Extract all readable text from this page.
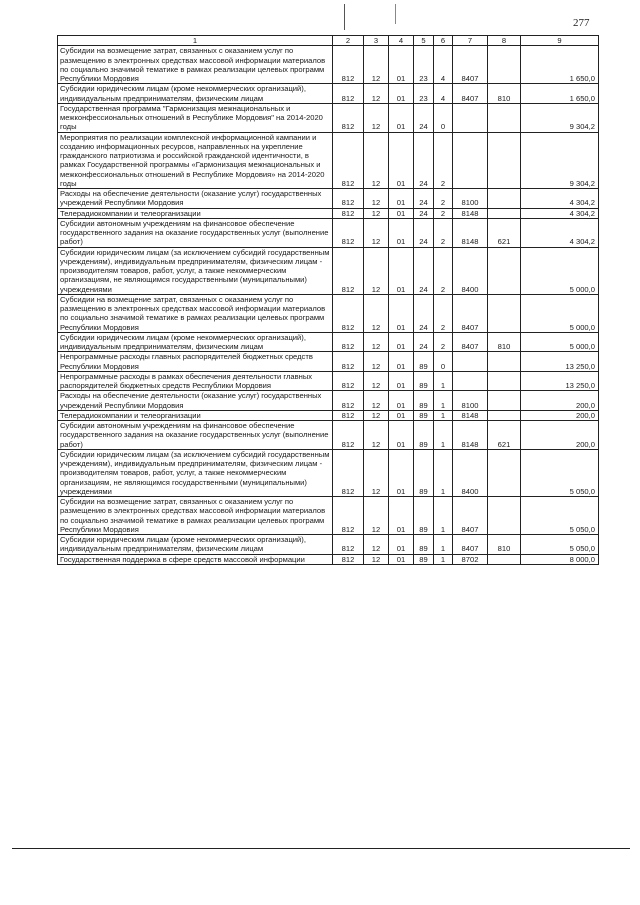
277
1	2	3	4	5	6	7	8	9
Субсидии на возмещение затрат, связанных с оказанием услуг по размещению в электронных средствах массовой информации материалов по социально значимой тематике в рамках реализации целевых программ Республики Мордовия	812	12	01	23	4	8407		1 650,0
Субсидии юридическим лицам (кроме некоммерческих организаций), индивидуальным предпринимателям, физическим лицам	812	12	01	23	4	8407	810	1 650,0
Государственная программа "Гармонизация межнациональных и межконфессиональных отношений в Республике Мордовия" на 2014-2020 годы	812	12	01	24	0			9 304,2
Мероприятия по реализации комплексной информационной кампании и созданию информационных ресурсов, направленных на укрепление гражданского патриотизма и российской гражданской идентичности, в рамках Государственной программы «Гармонизация межнациональных и межконфессиональных отношений в Республике Мордовия» на 2014-2020 годы	812	12	01	24	2			9 304,2
Расходы на обеспечение деятельности (оказание услуг) государственных учреждений Республики Мордовия	812	12	01	24	2	8100		4 304,2
Телерадиокомпании и телеорганизации	812	12	01	24	2	8148		4 304,2
Субсидии автономным учреждениям на финансовое обеспечение государственного задания на оказание государственных услуг (выполнение работ)	812	12	01	24	2	8148	621	4 304,2
Субсидии юридическим лицам (за исключением субсидий государственным учреждениям), индивидуальным предпринимателям, физическим лицам - производителям товаров, работ, услуг, а также некоммерческим организациям, не являющимся государственными (муниципальными) учреждениями	812	12	01	24	2	8400		5 000,0
Субсидии на возмещение затрат, связанных с оказанием услуг по размещению в электронных средствах массовой информации материалов по социально значимой тематике в рамках реализации целевых программ Республики Мордовия	812	12	01	24	2	8407		5 000,0
Субсидии юридическим лицам (кроме некоммерческих организаций), индивидуальным предпринимателям, физическим лицам	812	12	01	24	2	8407	810	5 000,0
Непрограммные расходы главных распорядителей бюджетных средств Республики Мордовия	812	12	01	89	0			13 250,0
Непрограммные расходы в рамках обеспечения деятельности главных распорядителей бюджетных средств Республики Мордовия	812	12	01	89	1			13 250,0
Расходы на обеспечение деятельности (оказание услуг) государственных учреждений Республики Мордовия	812	12	01	89	1	8100		200,0
Телерадиокомпании и телеорганизации	812	12	01	89	1	8148		200,0
Субсидии автономным учреждениям на финансовое обеспечение государственного задания на оказание государственных услуг (выполнение работ)	812	12	01	89	1	8148	621	200,0
Субсидии юридическим лицам (за исключением субсидий государственным учреждениям), индивидуальным предпринимателям, физическим лицам - производителям товаров, работ, услуг, а также некоммерческим организациям, не являющимся государственными (муниципальными) учреждениями	812	12	01	89	1	8400		5 050,0
Субсидии на возмещение затрат, связанных с оказанием услуг по размещению в электронных средствах массовой информации материалов по социально значимой тематике в рамках реализации целевых программ Республики Мордовия	812	12	01	89	1	8407		5 050,0
Субсидии юридическим лицам (кроме некоммерческих организаций), индивидуальным предпринимателям, физическим лицам	812	12	01	89	1	8407	810	5 050,0
Государственная поддержка в сфере средств массовой информации	812	12	01	89	1	8702		8 000,0
